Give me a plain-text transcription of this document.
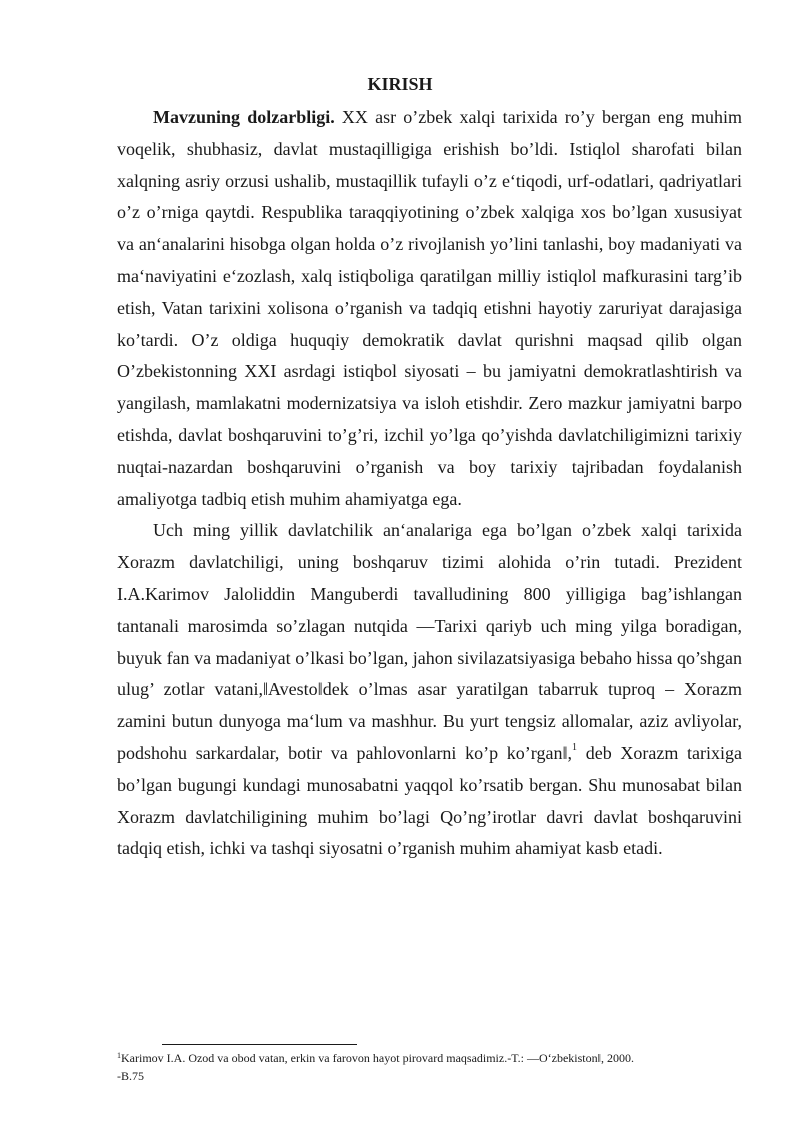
KIRISH

Mavzuning dolzarbligi. XX asr o’zbek xalqi tarixida ro’y bergan eng muhim voqelik, shubhasiz, davlat mustaqilligiga erishish bo’ldi. Istiqlol sharofati bilan xalqning asriy orzusi ushalib, mustaqillik tufayli o’z e‘tiqodi, urf-odatlari, qadriyatlari o’z o’rniga qaytdi. Respublika taraqqiyotining o’zbek xalqiga xos bo’lgan xususiyat va an‘analarini hisobga olgan holda o’z rivojlanish yo’lini tanlashi, boy madaniyati va ma‘naviyatini e‘zozlash, xalq istiqboliga qaratilgan milliy istiqlol mafkurasini targ’ib etish, Vatan tarixini xolisona o’rganish va tadqiq etishni hayotiy zaruriyat darajasiga ko’tardi. O’z oldiga huquqiy demokratik davlat qurishni maqsad qilib olgan O’zbekistonning XXI asrdagi istiqbol siyosati – bu jamiyatni demokratlashtirish va yangilash, mamlakatni modernizatsiya va isloh etishdir. Zero mazkur jamiyatni barpo etishda, davlat boshqaruvini to’g’ri, izchil yo’lga qo’yishda davlatchiligimizni tarixiy nuqtai-nazardan boshqaruvini o’rganish va boy tarixiy tajribadan foydalanish amaliyotga tadbiq etish muhim ahamiyatga ega.

Uch ming yillik davlatchilik an‘analariga ega bo’lgan o’zbek xalqi tarixida Xorazm davlatchiligi, uning boshqaruv tizimi alohida o’rin tutadi. Prezident I.A.Karimov Jaloliddin Manguberdi tavalludining 800 yilligiga bag’ishlangan tantanali marosimda so’zlagan nutqida ―Tarixi qariyb uch ming yilga boradigan, buyuk fan va madaniyat o’lkasi bo’lgan, jahon sivilazatsiyasiga bebaho hissa qo’shgan ulug’ zotlar vatani,‖Avesto‖dek o’lmas asar yaratilgan tabarruk tuproq – Xorazm zamini butun dunyoga ma‘lum va mashhur. Bu yurt tengsiz allomalar, aziz avliyolar, podshohu sarkardalar, botir va pahlovonlarni ko’p ko’rgan‖,$^1$ deb Xorazm tarixiga bo’lgan bugungi kundagi munosabatni yaqqol ko’rsatib bergan. Shu munosabat bilan Xorazm davlatchiligining muhim bo’lagi Qo’ng’irotlar davri davlat boshqaruvini tadqiq etish, ichki va tashqi siyosatni o’rganish muhim ahamiyat kasb etadi.

$^1$Karimov I.A. Ozod va obod vatan, erkin va farovon hayot pirovard maqsadimiz.-T.: ―O‘zbekiston‖, 2000.

-B.75
